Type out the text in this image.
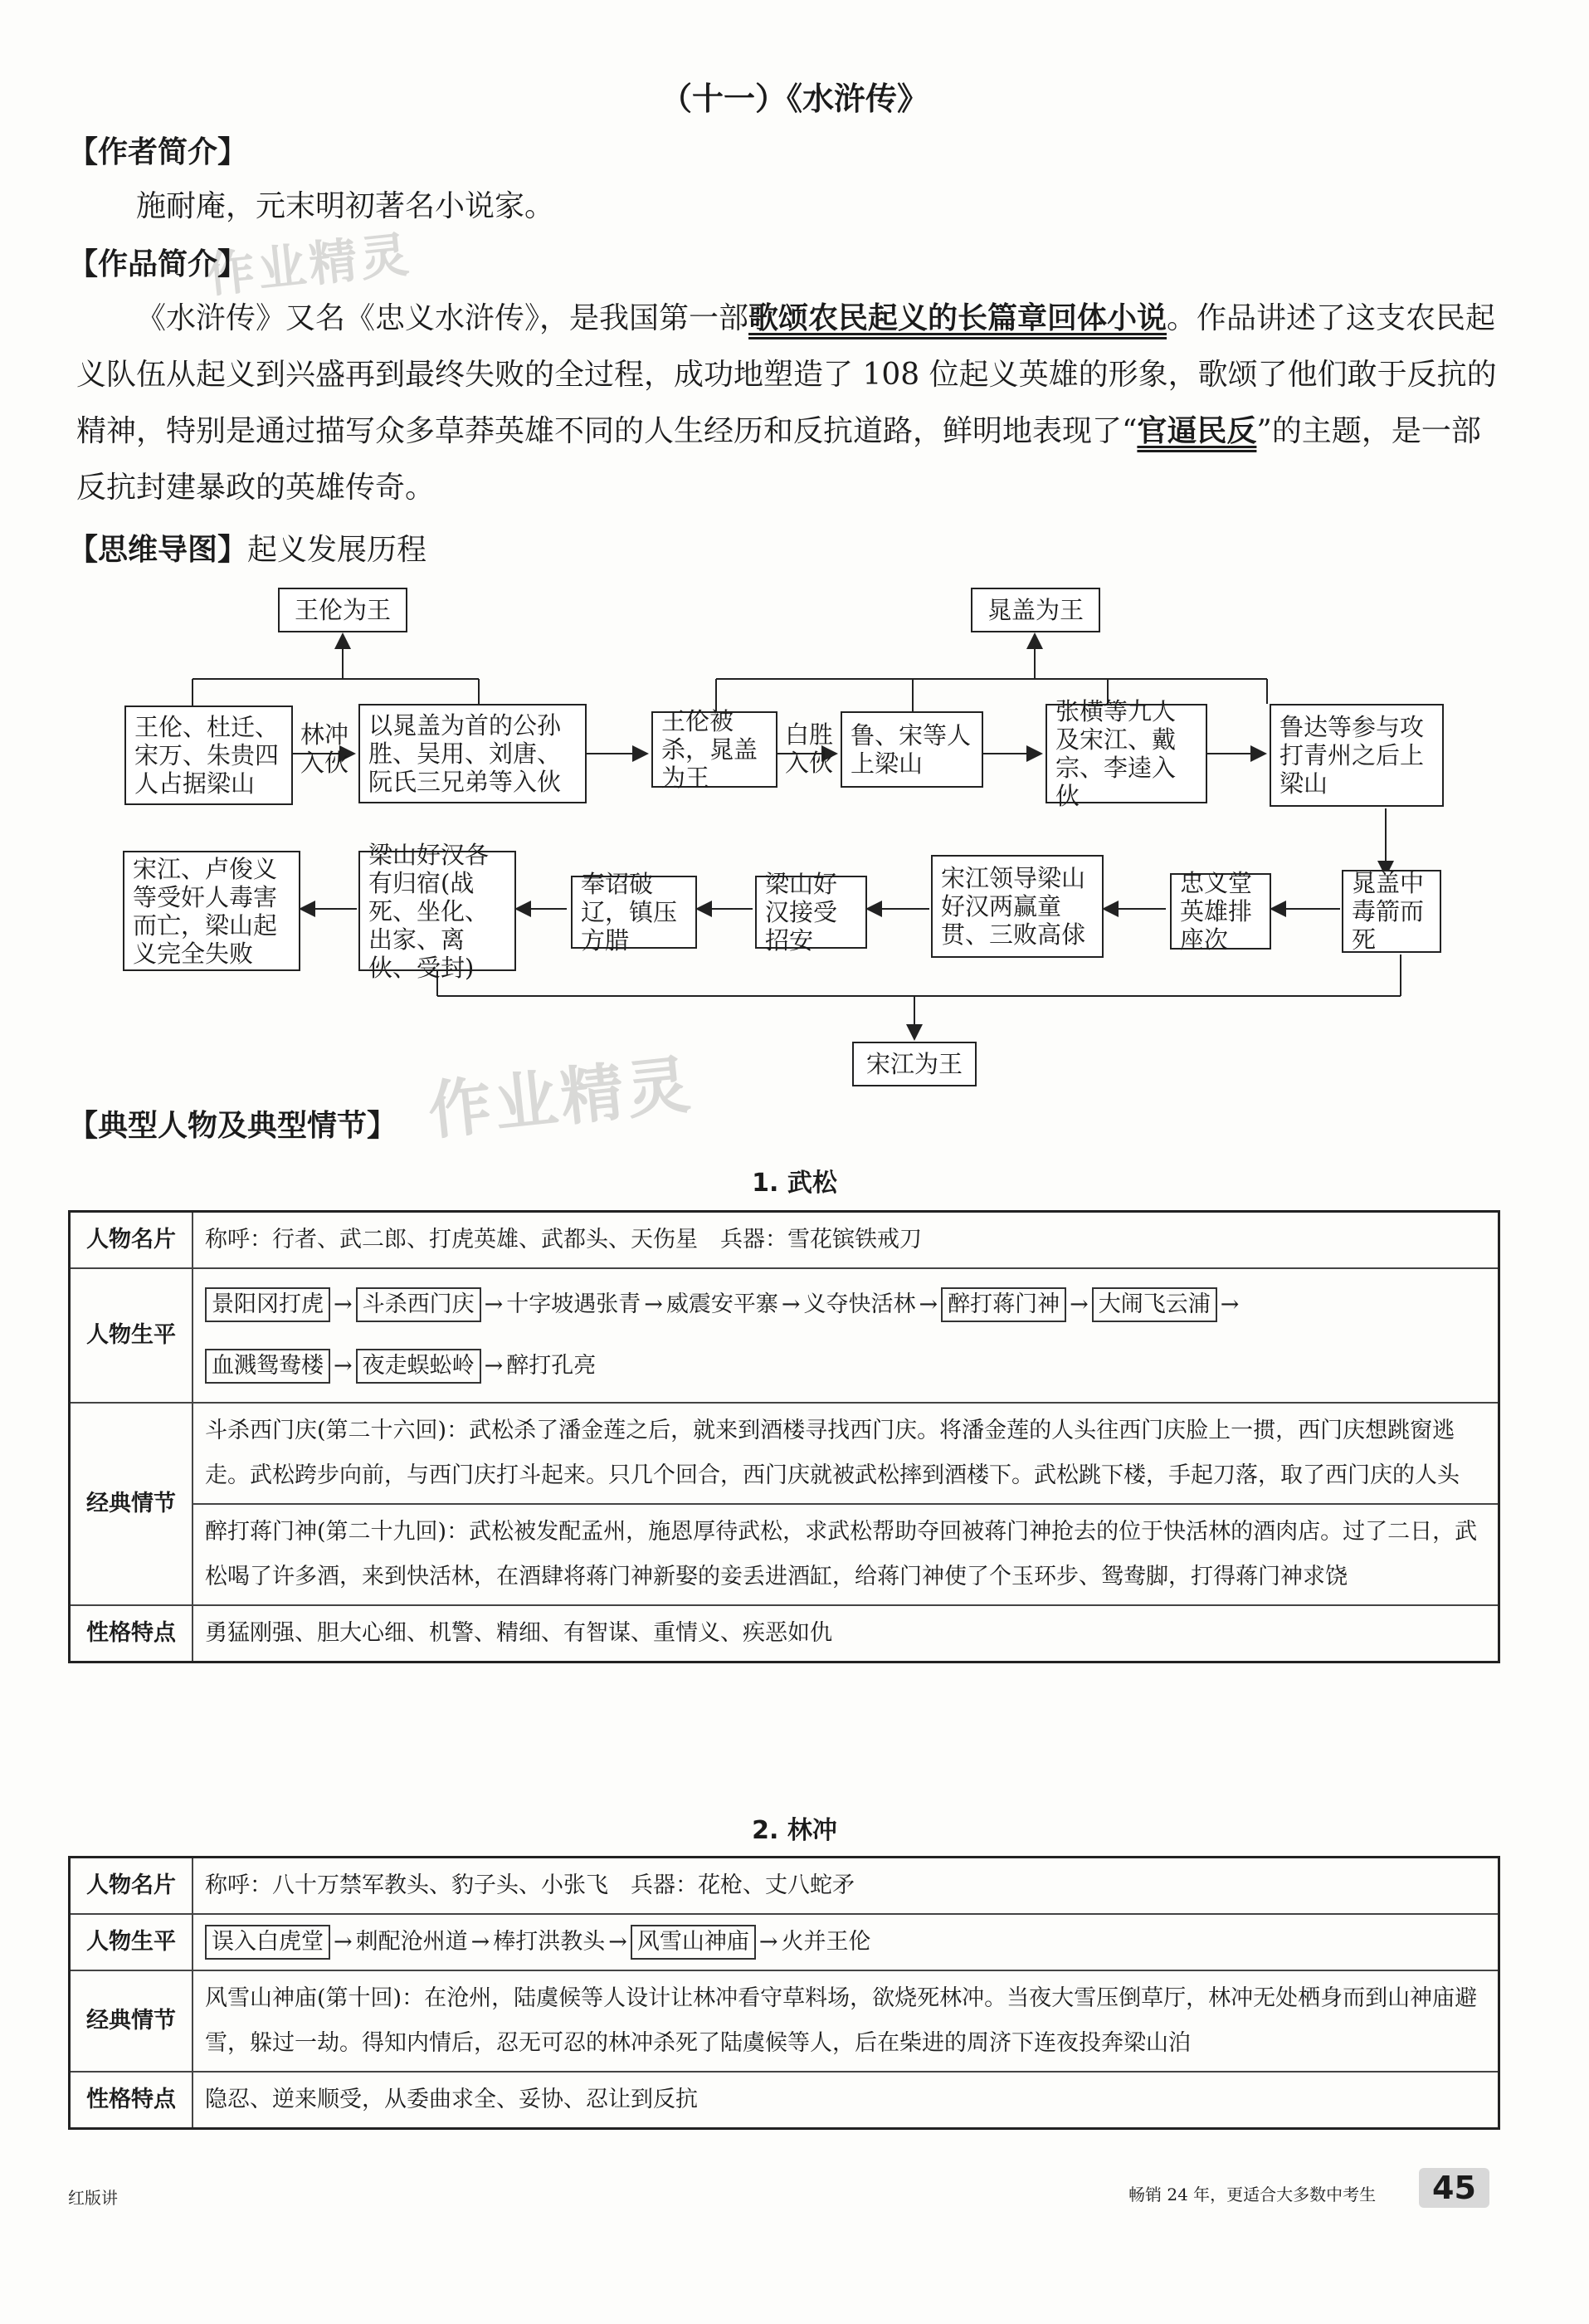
（十一）《水浒传》
【作者简介】
施耐庵，元末明初著名小说家。
作业精灵
作业精灵
【作品简介】
《水浒传》又名《忠义水浒传》，是我国第一部歌颂农民起义的长篇章回体小说。作品讲述了这支农民起义队伍从起义到兴盛再到最终失败的全过程，成功地塑造了 108 位起义英雄的形象，歌颂了他们敢于反抗的精神，特别是通过描写众多草莽英雄不同的人生经历和反抗道路，鲜明地表现了“官逼民反”的主题，是一部反抗封建暴政的英雄传奇。
【思维导图】起义发展历程
王伦为王	晁盖为王
王伦、杜迁、宋万、朱贵四人占据梁山
林冲入伙
以晁盖为首的公孙胜、吴用、刘唐、阮氏三兄弟等入伙
王伦被杀，晁盖为王
白胜入伙
鲁、宋等人上梁山
张横等九人及宋江、戴宗、李逵入伙
鲁达等参与攻打青州之后上梁山
晁盖中毒箭而死
忠义堂英雄排座次
宋江领导梁山好汉两赢童贯、三败高俅
梁山好汉接受招安
奉诏破辽，镇压方腊
梁山好汉各有归宿(战死、坐化、出家、离伙、受封)
宋江、卢俊义等受奸人毒害而亡，梁山起义完全失败
宋江为王
【典型人物及典型情节】
1. 武松
人物名片	称呼：行者、武二郎、打虎英雄、武都头、天伤星　兵器：雪花镔铁戒刀
人物生平	景阳冈打虎 → 斗杀西门庆 → 十字坡遇张青 → 威震安平寨 → 义夺快活林 → 醉打蒋门神 → 大闹飞云浦 →
血溅鸳鸯楼 → 夜走蜈蚣岭 → 醉打孔亮
经典情节	斗杀西门庆(第二十六回)：武松杀了潘金莲之后，就来到酒楼寻找西门庆。将潘金莲的人头往西门庆脸上一掼，西门庆想跳窗逃走。武松跨步向前，与西门庆打斗起来。只几个回合，西门庆就被武松摔到酒楼下。武松跳下楼，手起刀落，取了西门庆的人头
	醉打蒋门神(第二十九回)：武松被发配孟州，施恩厚待武松，求武松帮助夺回被蒋门神抢去的位于快活林的酒肉店。过了二日，武松喝了许多酒，来到快活林，在酒肆将蒋门神新娶的妾丢进酒缸，给蒋门神使了个玉环步、鸳鸯脚，打得蒋门神求饶
性格特点	勇猛刚强、胆大心细、机警、精细、有智谋、重情义、疾恶如仇
2. 林冲
人物名片	称呼：八十万禁军教头、豹子头、小张飞　兵器：花枪、丈八蛇矛
人物生平	误入白虎堂 → 刺配沧州道 → 棒打洪教头 → 风雪山神庙 → 火并王伦
经典情节	风雪山神庙(第十回)：在沧州，陆虞候等人设计让林冲看守草料场，欲烧死林冲。当夜大雪压倒草厅，林冲无处栖身而到山神庙避雪，躲过一劫。得知内情后，忍无可忍的林冲杀死了陆虞候等人，后在柴进的周济下连夜投奔梁山泊
性格特点	隐忍、逆来顺受，从委曲求全、妥协、忍让到反抗
红版讲	畅销 24 年，更适合大多数中考生	45
